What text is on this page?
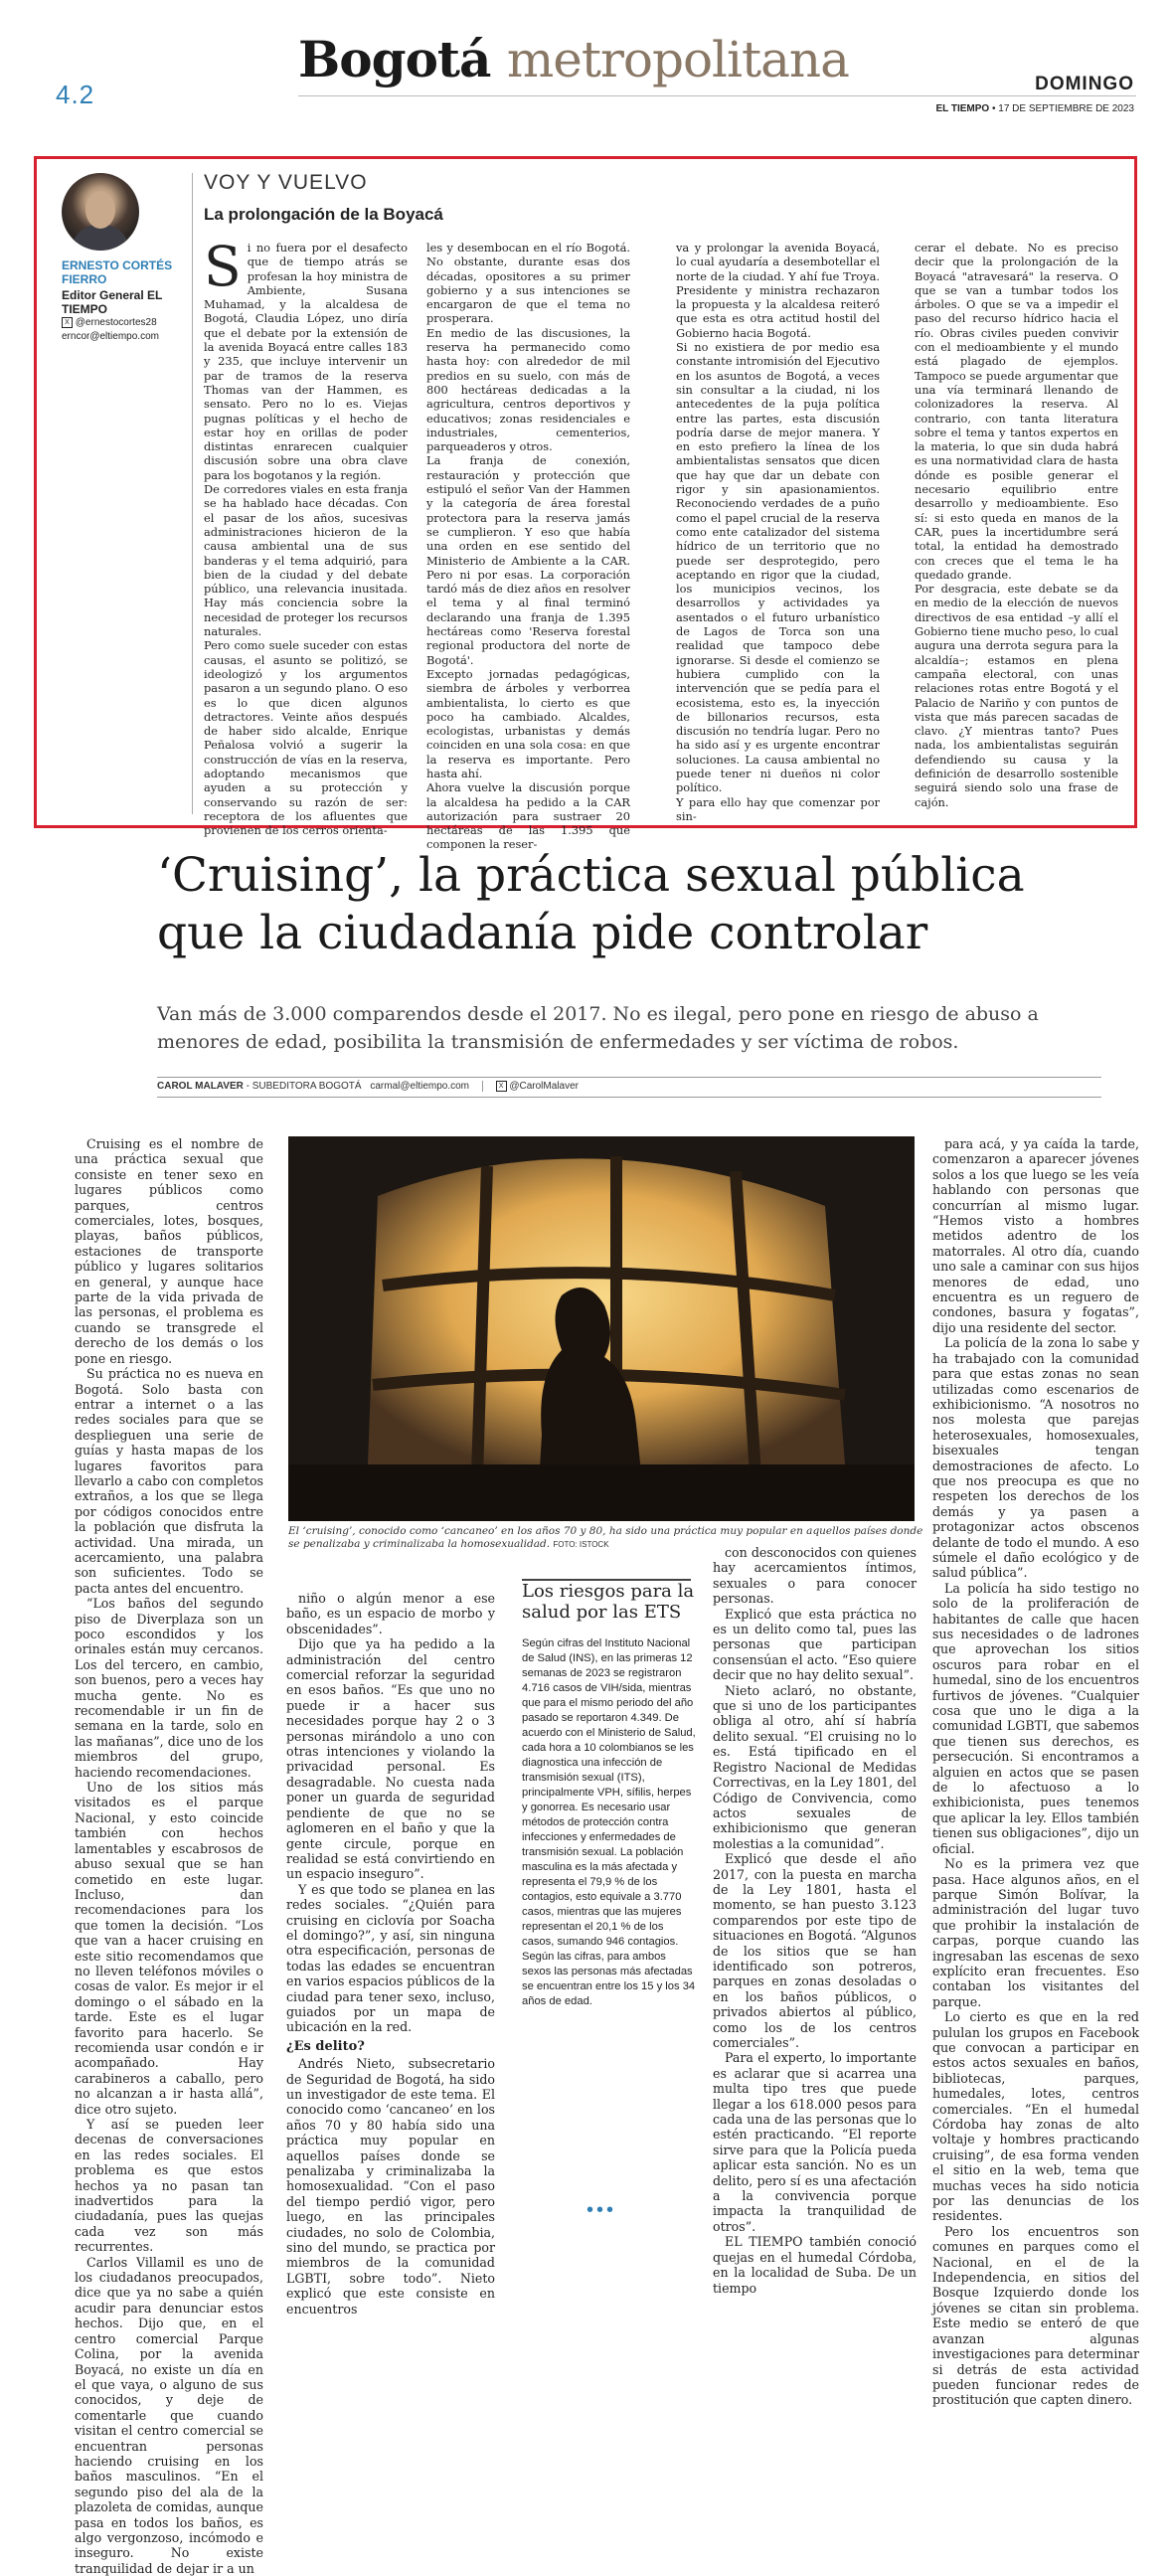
4.2
Bogotá metropolitana	DOMINGO
EL TIEMPO • 17 DE SEPTIEMBRE DE 2023
ERNESTO CORTÉS FIERRO
Editor General EL TIEMPO
X @ernestocortes28
erncor@eltiempo.com
VOY Y VUELVO
La prolongación de la Boyacá

Si no fuera por el desafecto que de tiempo atrás se profesan la hoy ministra de Ambiente, Susana Muhamad, y la alcaldesa de Bogotá, Claudia López, uno diría que el debate por la extensión de la avenida Boyacá entre calles 183 y 235, que incluye intervenir un par de tramos de la reserva Thomas van der Hammen, es sensato. Pero no lo es. Viejas pugnas políticas y el hecho de estar hoy en orillas de poder distintas enrarecen cualquier discusión sobre una obra clave para los bogotanos y la región.

De corredores viales en esta franja se ha hablado hace décadas. Con el pasar de los años, sucesivas administraciones hicieron de la causa ambiental una de sus banderas y el tema adquirió, para bien de la ciudad y del debate público, una relevancia inusitada. Hay más conciencia sobre la necesidad de proteger los recursos naturales.

Pero como suele suceder con estas causas, el asunto se politizó, se ideologizó y los argumentos pasaron a un segundo plano. O eso es lo que dicen algunos detractores. Veinte años después de haber sido alcalde, Enrique Peñalosa volvió a sugerir la construcción de vías en la reserva, adoptando mecanismos que ayuden a su protección y conservando su razón de ser: receptora de los afluentes que provienen de los cerros orienta-

les y desembocan en el río Bogotá. No obstante, durante esas dos décadas, opositores a su primer gobierno y a sus intenciones se encargaron de que el tema no prosperara.

En medio de las discusiones, la reserva ha permanecido como hasta hoy: con alrededor de mil predios en su suelo, con más de 800 hectáreas dedicadas a la agricultura, centros deportivos y educativos; zonas residenciales e industriales, cementerios, parqueaderos y otros.

La franja de conexión, restauración y protección que estipuló el señor Van der Hammen y la categoría de área forestal protectora para la reserva jamás se cumplieron. Y eso que había una orden en ese sentido del Ministerio de Ambiente a la CAR. Pero ni por esas. La corporación tardó más de diez años en resolver el tema y al final terminó declarando una franja de 1.395 hectáreas como 'Reserva forestal regional productora del norte de Bogotá'.

Excepto jornadas pedagógicas, siembra de árboles y verborrea ambientalista, lo cierto es que poco ha cambiado. Alcaldes, ecologistas, urbanistas y demás coinciden en una sola cosa: en que la reserva es importante. Pero hasta ahí.

Ahora vuelve la discusión porque la alcaldesa ha pedido a la CAR autorización para sustraer 20 hectáreas de las 1.395 que componen la reser-

va y prolongar la avenida Boyacá, lo cual ayudaría a desembotellar el norte de la ciudad. Y ahí fue Troya. Presidente y ministra rechazaron la propuesta y la alcaldesa reiteró que esta es otra actitud hostil del Gobierno hacia Bogotá.

Si no existiera de por medio esa constante intromisión del Ejecutivo en los asuntos de Bogotá, a veces sin consultar a la ciudad, ni los antecedentes de la puja política entre las partes, esta discusión podría darse de mejor manera. Y en esto prefiero la línea de los ambientalistas sensatos que dicen que hay que dar un debate con rigor y sin apasionamientos. Reconociendo verdades de a puño como el papel crucial de la reserva como ente catalizador del sistema hídrico de un territorio que no puede ser desprotegido, pero aceptando en rigor que la ciudad, los municipios vecinos, los desarrollos y actividades ya asentados o el futuro urbanístico de Lagos de Torca son una realidad que tampoco debe ignorarse. Si desde el comienzo se hubiera cumplido con la intervención que se pedía para el ecosistema, esto es, la inyección de billonarios recursos, esta discusión no tendría lugar. Pero no ha sido así y es urgente encontrar soluciones. La causa ambiental no puede tener ni dueños ni color político.

Y para ello hay que comenzar por sin-

cerar el debate. No es preciso decir que la prolongación de la Boyacá "atravesará" la reserva. O que se van a tumbar todos los árboles. O que se va a impedir el paso del recurso hídrico hacia el río. Obras civiles pueden convivir con el medioambiente y el mundo está plagado de ejemplos. Tampoco se puede argumentar que una vía terminará llenando de colonizadores la reserva. Al contrario, con tanta literatura sobre el tema y tantos expertos en la materia, lo que sin duda habrá es una normatividad clara de hasta dónde es posible generar el necesario equilibrio entre desarrollo y medioambiente. Eso sí: si esto queda en manos de la CAR, pues la incertidumbre será total, la entidad ha demostrado con creces que el tema le ha quedado grande.

Por desgracia, este debate se da en medio de la elección de nuevos directivos de esa entidad –y allí el Gobierno tiene mucho peso, lo cual augura una derrota segura para la alcaldía–; estamos en plena campaña electoral, con unas relaciones rotas entre Bogotá y el Palacio de Nariño y con puntos de vista que más parecen sacadas de clavo. ¿Y mientras tanto? Pues nada, los ambientalistas seguirán defendiendo su causa y la definición de desarrollo sostenible seguirá siendo solo una frase de cajón.

‘Cruising’, la práctica sexual pública
que la ciudadanía pide controlar
Van más de 3.000 comparendos desde el 2017. No es ilegal, pero pone en riesgo de abuso a menores de edad, posibilita la transmisión de enfermedades y ser víctima de robos.
CAROL MALAVER - SUBEDITORA BOGOTÁ carmal@eltiempo.com	X @CarolMalaver
El ‘cruising’, conocido como ‘cancaneo’ en los años 70 y 80, ha sido una práctica muy popular en aquellos países donde se penalizaba y criminalizaba la homosexualidad. FOTO: ISTOCK

Cruising es el nombre de una práctica sexual que consiste en tener sexo en lugares públicos como parques, centros comerciales, lotes, bosques, playas, baños públicos, estaciones de transporte público y lugares solitarios en general, y aunque hace parte de la vida privada de las personas, el problema es cuando se transgrede el derecho de los demás o los pone en riesgo.

Su práctica no es nueva en Bogotá. Solo basta con entrar a internet o a las redes sociales para que se desplieguen una serie de guías y hasta mapas de los lugares favoritos para llevarlo a cabo con completos extraños, a los que se llega por códigos conocidos entre la población que disfruta la actividad. Una mirada, un acercamiento, una palabra son suficientes. Todo se pacta antes del encuentro.

“Los baños del segundo piso de Diverplaza son un poco escondidos y los orinales están muy cercanos. Los del tercero, en cambio, son buenos, pero a veces hay mucha gente. No es recomendable ir un fin de semana en la tarde, solo en las mañanas”, dice uno de los miembros del grupo, haciendo recomendaciones.

Uno de los sitios más visitados es el parque Nacional, y esto coincide también con hechos lamentables y escabrosos de abuso sexual que se han cometido en este lugar. Incluso, dan recomendaciones para los que tomen la decisión. “Los que van a hacer cruising en este sitio recomendamos que no lleven teléfonos móviles o cosas de valor. Es mejor ir el domingo o el sábado en la tarde. Este es el lugar favorito para hacerlo. Se recomienda usar condón e ir acompañado. Hay carabineros a caballo, pero no alcanzan a ir hasta allá”, dice otro sujeto.

Y así se pueden leer decenas de conversaciones en las redes sociales. El problema es que estos hechos ya no pasan tan inadvertidos para la ciudadanía, pues las quejas cada vez son más recurrentes.

Carlos Villamil es uno de los ciudadanos preocupados, dice que ya no sabe a quién acudir para denunciar estos hechos. Dijo que, en el centro comercial Parque Colina, por la avenida Boyacá, no existe un día en el que vaya, o alguno de sus conocidos, y deje de comentarle que cuando visitan el centro comercial se encuentran personas haciendo cruising en los baños masculinos. “En el segundo piso del ala de la plazoleta de comidas, aunque pasa en todos los baños, es algo vergonzoso, incómodo e inseguro. No existe tranquilidad de dejar ir a un

niño o algún menor a ese baño, es un espacio de morbo y obscenidades”.

Dijo que ya ha pedido a la administración del centro comercial reforzar la seguridad en esos baños. “Es que uno no puede ir a hacer sus necesidades porque hay 2 o 3 personas mirándolo a uno con otras intenciones y violando la privacidad personal. Es desagradable. No cuesta nada poner un guarda de seguridad pendiente de que no se aglomeren en el baño y que la gente circule, porque en realidad se está convirtiendo en un espacio inseguro”.

Y es que todo se planea en las redes sociales. “¿Quién para cruising en ciclovía por Soacha el domingo?”, y así, sin ninguna otra especificación, personas de todas las edades se encuentran en varios espacios públicos de la ciudad para tener sexo, incluso, guiados por un mapa de ubicación en la red.

¿Es delito?

Andrés Nieto, subsecretario de Seguridad de Bogotá, ha sido un investigador de este tema. El conocido como ‘cancaneo’ en los años 70 y 80 había sido una práctica muy popular en aquellos países donde se penalizaba y criminalizaba la homosexualidad. “Con el paso del tiempo perdió vigor, pero luego, en las principales ciudades, no solo de Colombia, sino del mundo, se practica por miembros de la comunidad LGBTI, sobre todo”. Nieto explicó que este consiste en encuentros

Los riesgos para la salud por las ETS
Según cifras del Instituto Nacional de Salud (INS), en las primeras 12 semanas de 2023 se registraron 4.716 casos de VIH/sida, mientras que para el mismo periodo del año pasado se reportaron 4.349. De acuerdo con el Ministerio de Salud, cada hora a 10 colombianos se les diagnostica una infección de transmisión sexual (ITS), principalmente VPH, sífilis, herpes y gonorrea. Es necesario usar métodos de protección contra infecciones y enfermedades de transmisión sexual. La población masculina es la más afectada y representa el 79,9 % de los contagios, esto equivale a 3.770 casos, mientras que las mujeres representan el 20,1 % de los casos, sumando 946 contagios. Según las cifras, para ambos sexos las personas más afectadas se encuentran entre los 15 y los 34 años de edad.
•••

con desconocidos con quienes hay acercamientos íntimos, sexuales o para conocer personas.

Explicó que esta práctica no es un delito como tal, pues las personas que participan consensúan el acto. “Eso quiere decir que no hay delito sexual”.

Nieto aclaró, no obstante, que si uno de los participantes obliga al otro, ahí sí habría delito sexual. “El cruising no lo es. Está tipificado en el Registro Nacional de Medidas Correctivas, en la Ley 1801, del Código de Convivencia, como actos sexuales de exhibicionismo que generan molestias a la comunidad”.

Explicó que desde el año 2017, con la puesta en marcha de la Ley 1801, hasta el momento, se han puesto 3.123 comparendos por este tipo de situaciones en Bogotá. “Algunos de los sitios que se han identificado son potreros, parques en zonas desoladas o en los baños públicos, o privados abiertos al público, como los de los centros comerciales”.

Para el experto, lo importante es aclarar que si acarrea una multa tipo tres que puede llegar a los 618.000 pesos para cada una de las personas que lo estén practicando. “El reporte sirve para que la Policía pueda aplicar esta sanción. No es un delito, pero sí es una afectación a la convivencia porque impacta la tranquilidad de otros”.

EL TIEMPO también conoció quejas en el humedal Córdoba, en la localidad de Suba. De un tiempo

para acá, y ya caída la tarde, comenzaron a aparecer jóvenes solos a los que luego se les veía hablando con personas que concurrían al mismo lugar. “Hemos visto a hombres metidos adentro de los matorrales. Al otro día, cuando uno sale a caminar con sus hijos menores de edad, uno encuentra es un reguero de condones, basura y fogatas”, dijo una residente del sector.

La policía de la zona lo sabe y ha trabajado con la comunidad para que estas zonas no sean utilizadas como escenarios de exhibicionismo. “A nosotros no nos molesta que parejas heterosexuales, homosexuales, bisexuales tengan demostraciones de afecto. Lo que nos preocupa es que no respeten los derechos de los demás y ya pasen a protagonizar actos obscenos delante de todo el mundo. A eso súmele el daño ecológico y de salud pública”.

La policía ha sido testigo no solo de la proliferación de habitantes de calle que hacen sus necesidades o de ladrones que aprovechan los sitios oscuros para robar en el humedal, sino de los encuentros furtivos de jóvenes. “Cualquier cosa que uno le diga a la comunidad LGBTI, que sabemos que tienen sus derechos, es persecución. Si encontramos a alguien en actos que se pasen de lo afectuoso a lo exhibicionista, pues tenemos que aplicar la ley. Ellos también tienen sus obligaciones”, dijo un oficial.

No es la primera vez que pasa. Hace algunos años, en el parque Simón Bolívar, la administración del lugar tuvo que prohibir la instalación de carpas, porque cuando las ingresaban las escenas de sexo explícito eran frecuentes. Eso contaban los visitantes del parque.

Lo cierto es que en la red pululan los grupos en Facebook que convocan a participar en estos actos sexuales en baños, bibliotecas, parques, humedales, lotes, centros comerciales. “En el humedal Córdoba hay zonas de alto voltaje y hombres practicando cruising”, de esa forma venden el sitio en la web, tema que muchas veces ha sido noticia por las denuncias de los residentes.

Pero los encuentros son comunes en parques como el Nacional, en el de la Independencia, en sitios del Bosque Izquierdo donde los jóvenes se citan sin problema. Este medio se enteró de que avanzan algunas investigaciones para determinar si detrás de esta actividad pueden funcionar redes de prostitución que capten dinero.
